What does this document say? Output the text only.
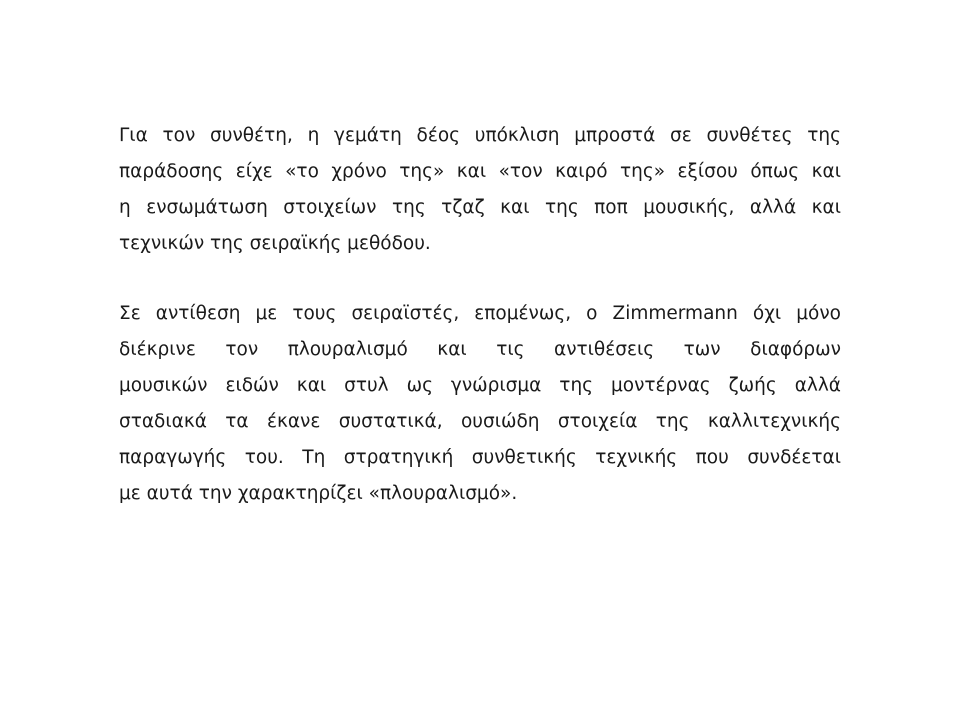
Για τον συνθέτη, η γεμάτη δέος υπόκλιση μπροστά σε συνθέτες της
παράδοσης είχε «το χρόνο της» και «τον καιρό της» εξίσου όπως και
η ενσωμάτωση στοιχείων της τζαζ και της ποπ μουσικής, αλλά και
τεχνικών της σειραϊκής μεθόδου.
Σε αντίθεση με τους σειραϊστές, επομένως, ο Zimmermann όχι μόνο
διέκρινε τον πλουραλισμό και τις αντιθέσεις των διαφόρων
μουσικών ειδών και στυλ ως γνώρισμα της μοντέρνας ζωής αλλά
σταδιακά τα έκανε συστατικά, ουσιώδη στοιχεία της καλλιτεχνικής
παραγωγής του. Τη στρατηγική συνθετικής τεχνικής που συνδέεται
με αυτά την χαρακτηρίζει «πλουραλισμό».
